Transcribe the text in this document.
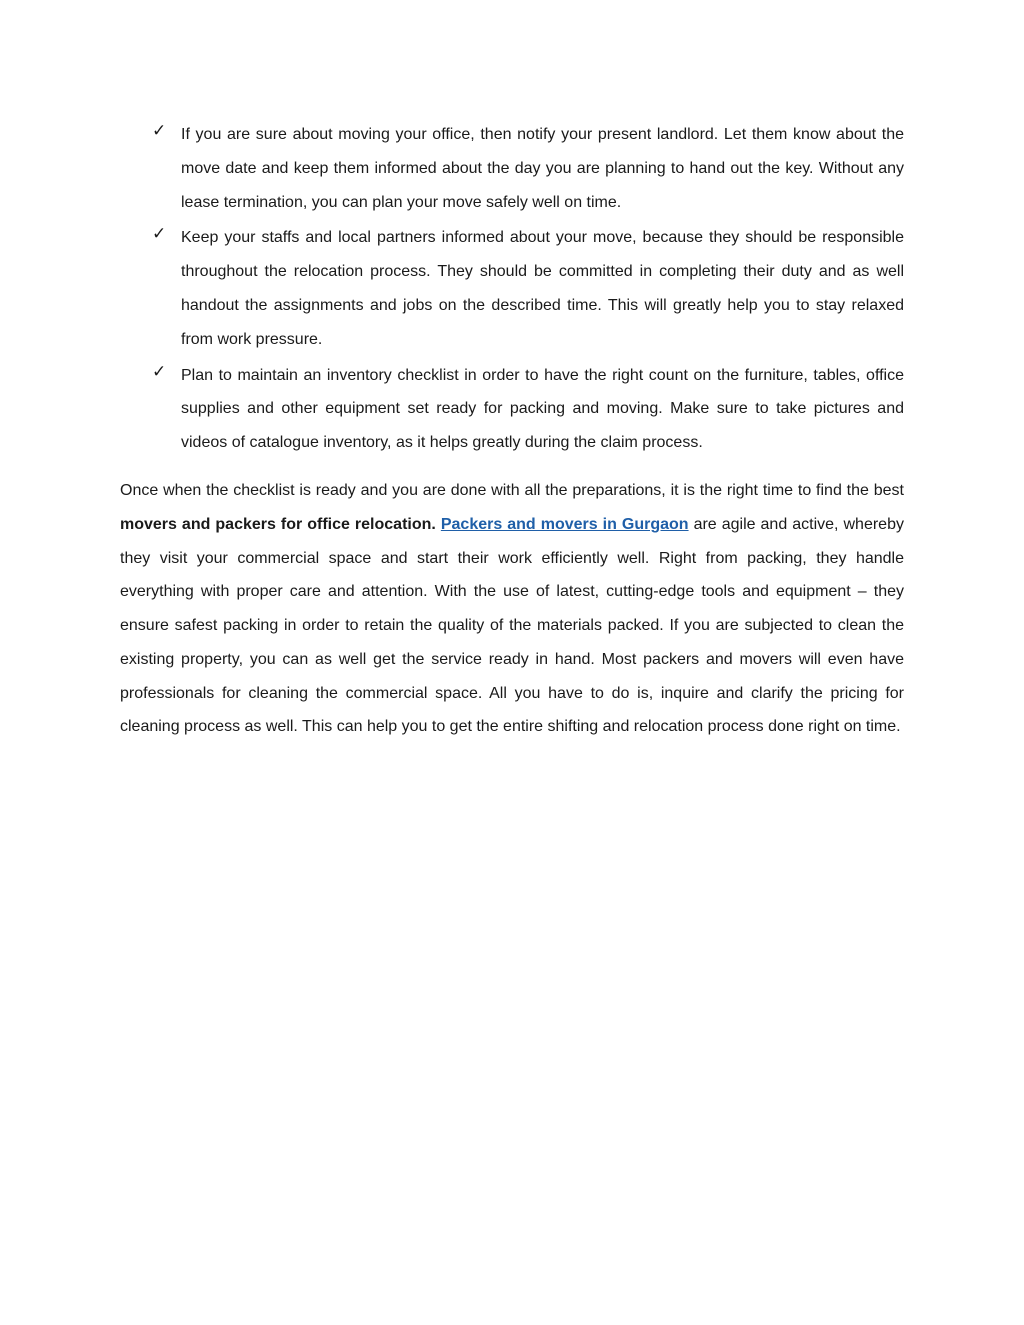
✓ If you are sure about moving your office, then notify your present landlord. Let them know about the move date and keep them informed about the day you are planning to hand out the key. Without any lease termination, you can plan your move safely well on time.
✓ Keep your staffs and local partners informed about your move, because they should be responsible throughout the relocation process. They should be committed in completing their duty and as well handout the assignments and jobs on the described time. This will greatly help you to stay relaxed from work pressure.
✓ Plan to maintain an inventory checklist in order to have the right count on the furniture, tables, office supplies and other equipment set ready for packing and moving. Make sure to take pictures and videos of catalogue inventory, as it helps greatly during the claim process.

Once when the checklist is ready and you are done with all the preparations, it is the right time to find the best movers and packers for office relocation. Packers and movers in Gurgaon are agile and active, whereby they visit your commercial space and start their work efficiently well. Right from packing, they handle everything with proper care and attention. With the use of latest, cutting-edge tools and equipment – they ensure safest packing in order to retain the quality of the materials packed. If you are subjected to clean the existing property, you can as well get the service ready in hand. Most packers and movers will even have professionals for cleaning the commercial space. All you have to do is, inquire and clarify the pricing for cleaning process as well. This can help you to get the entire shifting and relocation process done right on time.
